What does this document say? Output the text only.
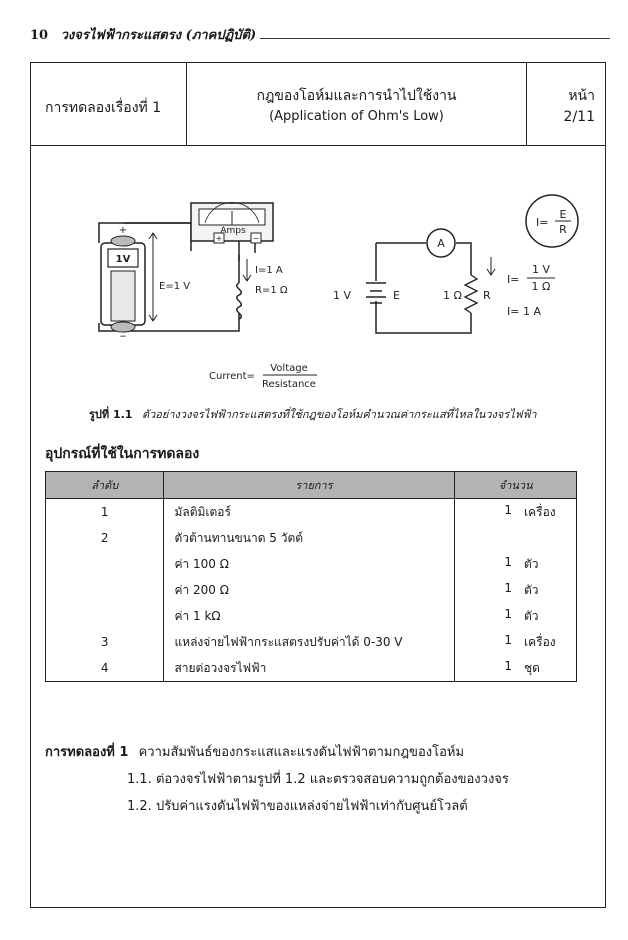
10 วงจรไฟฟ้ากระแสตรง (ภาคปฏิบัติ)
การทดลองเรื่องที่ 1
กฎของโอห์มและการนำไปใช้งาน
(Application of Ohm's Low)
หน้า
2/11
−
+
+	−
Amps
1V
E=1 V
I=1 A
R=1 Ω
Current=
Voltage
Resistance
A
1 V	E	1 Ω R
I=
E
R
I=
1 V
1 Ω
I= 1 A
รูปที่ 1.1 ตัวอย่างวงจรไฟฟ้ากระแสตรงที่ใช้กฎของโอห์มคำนวณค่ากระแสที่ไหลในวงจรไฟฟ้า
อุปกรณ์ที่ใช้ในการทดลอง
ลำดับ	รายการ	จำนวน
1	มัลติมิเตอร์	1 เครื่อง

2	ตัวต้านทานขนาด 5 วัตต์	

	ค่า 100 Ω	1 ตัว

	ค่า 200 Ω	1 ตัว

	ค่า 1 kΩ	1 ตัว

3	แหล่งจ่ายไฟฟ้ากระแสตรงปรับค่าได้ 0-30 V	1 เครื่อง

4	สายต่อวงจรไฟฟ้า	1 ชุด
การทดลองที่ 1 ความสัมพันธ์ของกระแสและแรงดันไฟฟ้าตามกฎของโอห์ม
1.1. ต่อวงจรไฟฟ้าตามรูปที่ 1.2 และตรวจสอบความถูกต้องของวงจร
1.2. ปรับค่าแรงดันไฟฟ้าของแหล่งจ่ายไฟฟ้าเท่ากับศูนย์โวลต์
